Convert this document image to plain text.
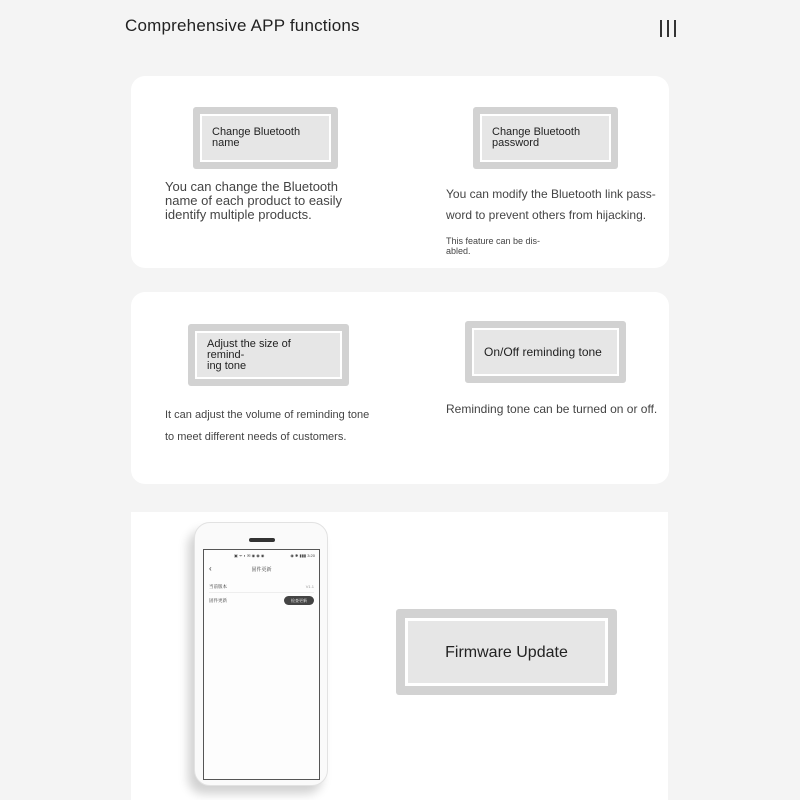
Comprehensive APP functions
Change Bluetooth
name
You can change the Bluetooth
name of each product to easily
identify multiple products.
Change Bluetooth
password
You can modify the Bluetooth link pass-
word to prevent others from hijacking.
This feature can be dis-
abled.
Adjust the size of remind-
ing tone
It can adjust the volume of reminding tone
to meet different needs of customers.
On/Off reminding tone
Reminding tone can be turned on or off.
Firmware Update
▣ ᯤ ◐ ✉ ◉ ◉ ◉	◉ ✱ ▮▮▮ 3:20
‹	固件更新
当前版本	V1.1
固件更新	检查更新
